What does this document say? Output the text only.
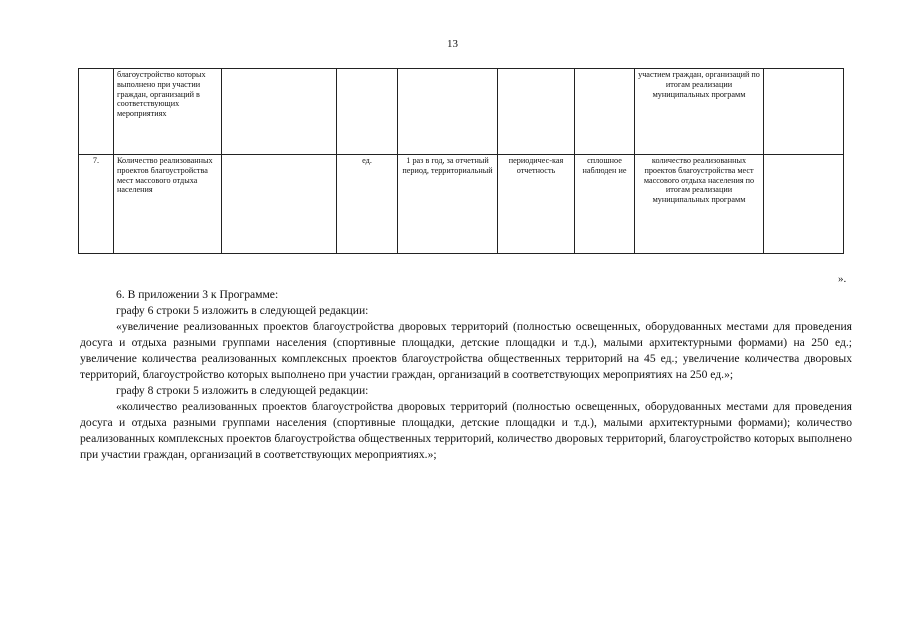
13
	благоустройство которых выполнено при участии граждан, организаций в соответствующих мероприятиях						участием граждан, организаций по итогам реализации муниципальных программ	
7.	Количество реализованных проектов благоустройства мест массового отдыха населения		ед.	1 раз в год, за отчетный период, территориальный	периодичес-кая отчетность	сплошное наблюден ие	количество реализованных проектов благоустройства мест массового отдыха населения по итогам реализации муниципальных программ	
».

6. В приложении 3 к Программе:

графу 6 строки 5 изложить в следующей редакции:

«увеличение реализованных проектов благоустройства дворовых территорий (полностью освещенных, оборудованных местами для проведения досуга и отдыха разными группами населения (спортивные площадки, детские площадки и т.д.), малыми архитектурными формами) на 250 ед.; увеличение количества реализованных комплексных проектов благоустройства общественных территорий на 45 ед.; увеличение количества дворовых территорий, благоустройство которых выполнено при участии граждан, организаций в соответствующих мероприятиях на 250 ед.»;

графу 8 строки 5 изложить в следующей редакции:

«количество реализованных проектов благоустройства дворовых территорий (полностью освещенных, оборудованных местами для проведения досуга и отдыха разными группами населения (спортивные площадки, детские площадки и т.д.), малыми архитектурными формами); количество реализованных комплексных проектов благоустройства общественных территорий, количество дворовых территорий, благоустройство которых выполнено при участии граждан, организаций в соответствующих мероприятиях.»;
